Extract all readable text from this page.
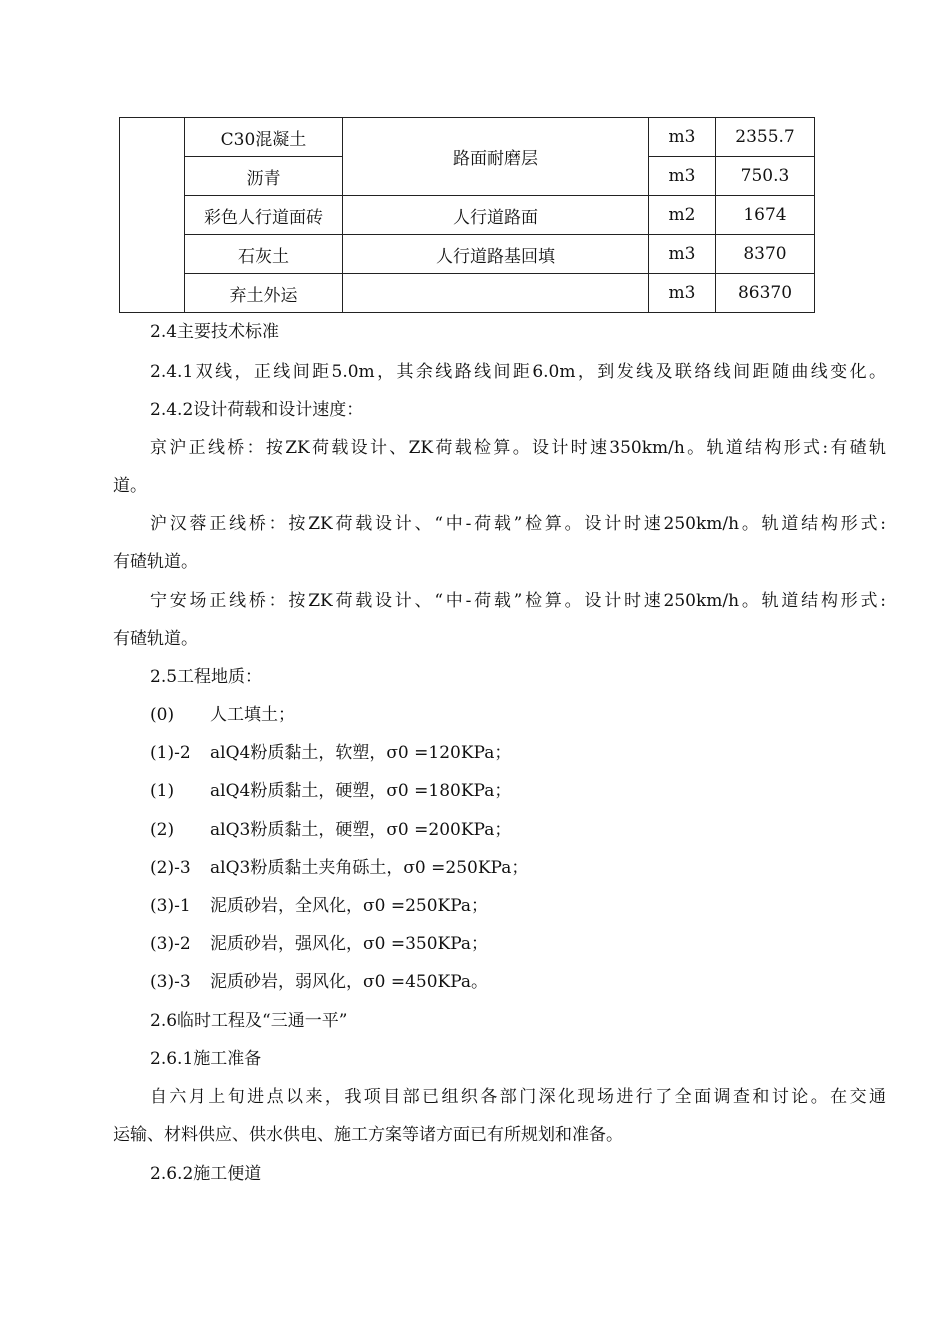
	C30混凝土	路面耐磨层	m3	2355.7
	沥青		m3	750.3
	彩色人行道面砖	人行道路面	m2	1674
	石灰土	人行道路基回填	m3	8370
	弃土外运		m3	86370
2.4主要技术标准
2.4.1双线，正线间距5.0m，其余线路线间距6.0m，到发线及联络线间距随曲线变化。
2.4.2设计荷载和设计速度：
京沪正线桥：按ZK荷载设计、ZK荷载检算。设计时速350km/h。轨道结构形式:有碴轨
道。
沪汉蓉正线桥：按ZK荷载设计、“中-荷载”检算。设计时速250km/h。轨道结构形式:
有碴轨道。
宁安场正线桥：按ZK荷载设计、“中-荷载”检算。设计时速250km/h。轨道结构形式:
有碴轨道。
2.5工程地质：
(0) 人工填土；
(1)-2 alQ4粉质黏土，软塑，σ0 =120KPa；
(1) alQ4粉质黏土，硬塑，σ0 =180KPa；
(2) alQ3粉质黏土，硬塑，σ0 =200KPa；
(2)-3 alQ3粉质黏土夹角砾土，σ0 =250KPa；
(3)-1 泥质砂岩，全风化，σ0 =250KPa；
(3)-2 泥质砂岩，强风化，σ0 =350KPa；
(3)-3 泥质砂岩，弱风化，σ0 =450KPa。
2.6临时工程及“三通一平”
2.6.1施工准备
自六月上旬进点以来，我项目部已组织各部门深化现场进行了全面调查和讨论。在交通
运输、材料供应、供水供电、施工方案等诸方面已有所规划和准备。
2.6.2施工便道
